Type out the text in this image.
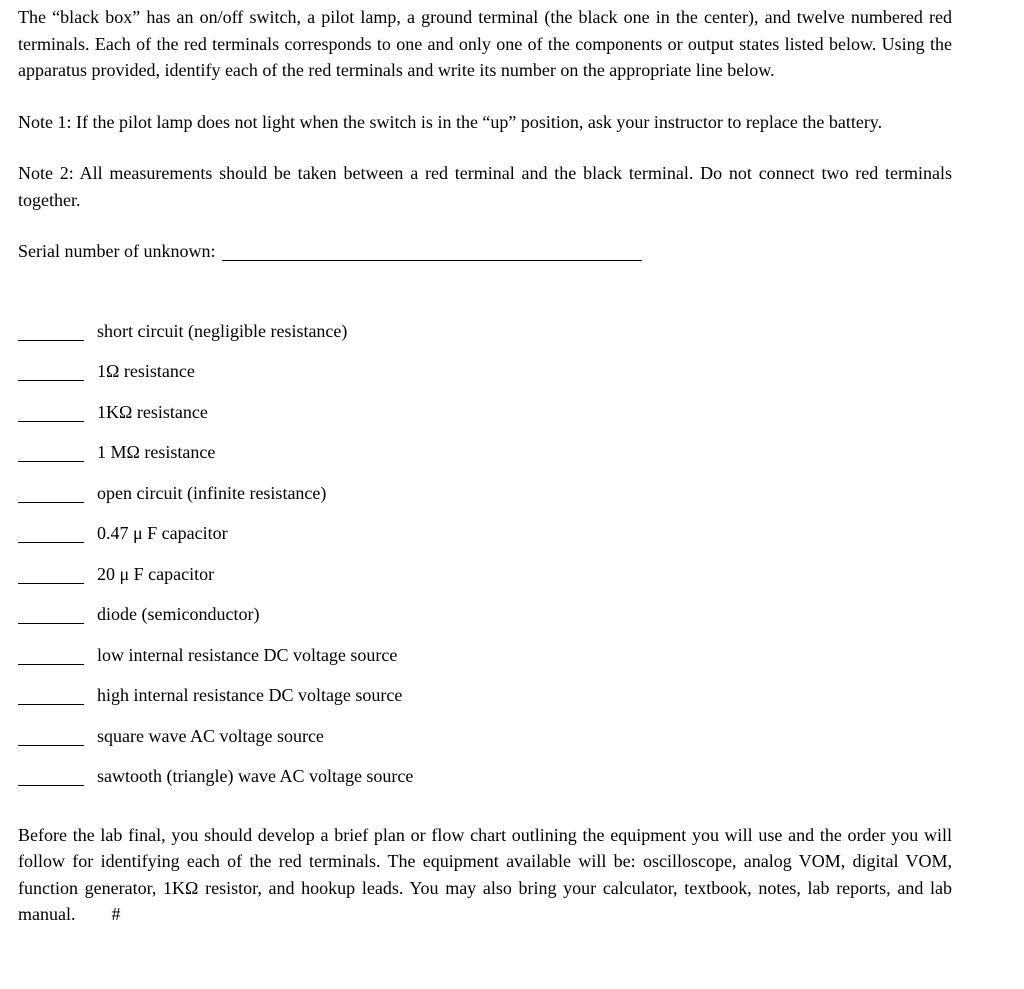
The “black box” has an on/off switch, a pilot lamp, a ground terminal (the black one in the center), and twelve numbered red terminals. Each of the red terminals corresponds to one and only one of the components or output states listed below. Using the apparatus provided, identify each of the red terminals and write its number on the appropriate line below.

Note 1: If the pilot lamp does not light when the switch is in the “up” position, ask your instructor to replace the battery.

Note 2: All measurements should be taken between a red terminal and the black terminal. Do not connect two red terminals together.

Serial number of unknown:
short circuit (negligible resistance)
1Ω resistance
1KΩ resistance
1 MΩ resistance
open circuit (infinite resistance)
0.47 μ F capacitor
20 μ F capacitor
diode (semiconductor)
low internal resistance DC voltage source
high internal resistance DC voltage source
square wave AC voltage source
sawtooth (triangle) wave AC voltage source

Before the lab final, you should develop a brief plan or flow chart outlining the equipment you will use and the order you will follow for identifying each of the red terminals. The equipment available will be: oscilloscope, analog VOM, digital VOM, function generator, 1KΩ resistor, and hookup leads. You may also bring your calculator, textbook, notes, lab reports, and lab manual. #
